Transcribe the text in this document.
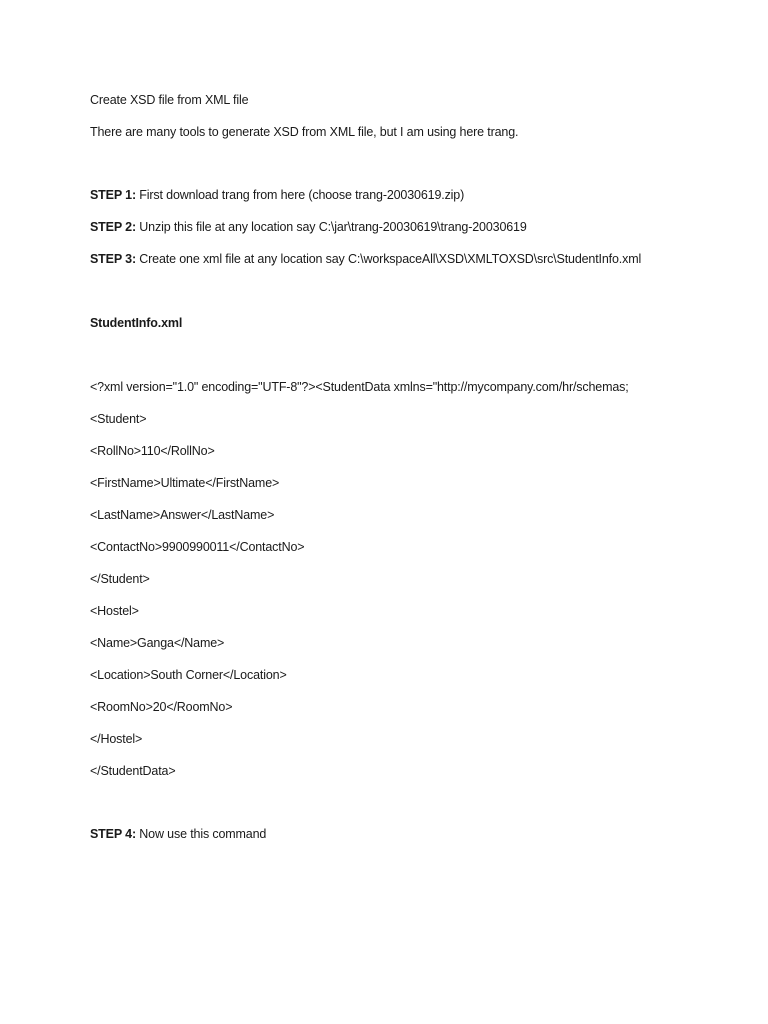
Create XSD file from XML file
There are many tools to generate XSD from XML file, but I am using here trang.
STEP 1: First download trang from here (choose trang-20030619.zip)
STEP 2: Unzip this file at any location say C:\jar\trang-20030619\trang-20030619
STEP 3: Create one xml file at any location say C:\workspaceAll\XSD\XMLTOXSD\src\StudentInfo.xml
StudentInfo.xml
<?xml version="1.0" encoding="UTF-8"?><StudentData xmlns="http://mycompany.com/hr/schemas;
<Student>
<RollNo>110</RollNo>
<FirstName>Ultimate</FirstName>
<LastName>Answer</LastName>
<ContactNo>9900990011</ContactNo>
</Student>
<Hostel>
<Name>Ganga</Name>
<Location>South Corner</Location>
<RoomNo>20</RoomNo>
</Hostel>
</StudentData>
STEP 4: Now use this command
